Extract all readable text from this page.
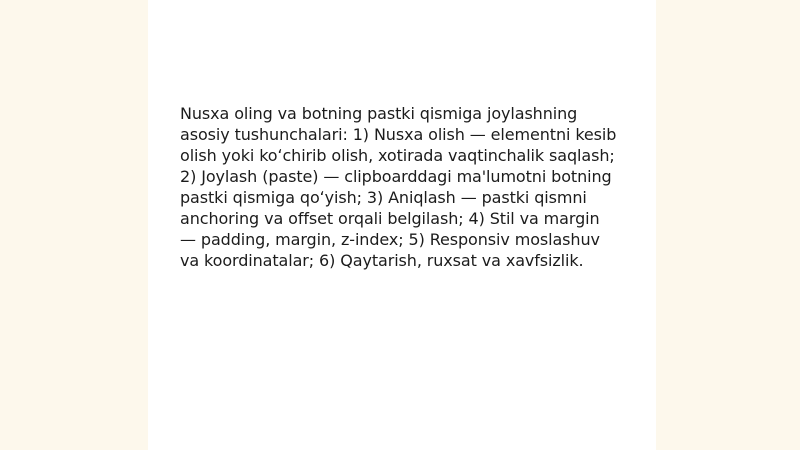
Nusxa oling va botning pastki qismiga joylashning asosiy tushunchalari: 1) Nusxa olish — elementni kesib olish yoki koʻchirib olish, xotirada vaqtinchalik saqlash; 2) Joylash (paste) — clipboarddagi ma'lumotni botning pastki qismiga qoʻyish; 3) Aniqlash — pastki qismni anchoring va offset orqali belgilash; 4) Stil va margin — padding, margin, z-index; 5) Responsiv moslashuv va koordinatalar; 6) Qaytarish, ruxsat va xavfsizlik.
